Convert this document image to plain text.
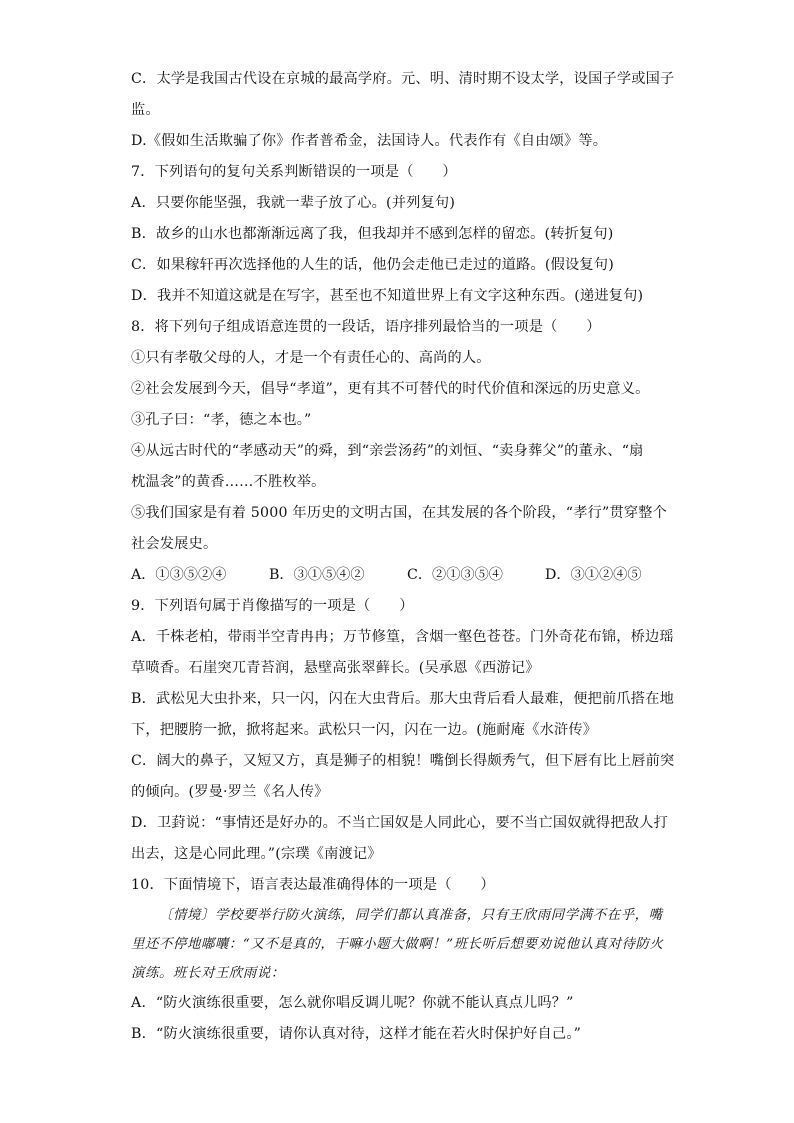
C．太学是我国古代设在京城的最高学府。元、明、清时期不设太学，设国子学或国子
监。
D.《假如生活欺骗了你》作者普希金，法国诗人。代表作有《自由颂》等。
7．下列语句的复句关系判断错误的一项是（　　）
A．只要你能坚强，我就一辈子放了心。(并列复句)
B．故乡的山水也都渐渐远离了我，但我却并不感到怎样的留恋。(转折复句)
C．如果稼轩再次选择他的人生的话，他仍会走他已走过的道路。(假设复句)
D．我并不知道这就是在写字，甚至也不知道世界上有文字这种东西。(递进复句)
8．将下列句子组成语意连贯的一段话，语序排列最恰当的一项是（　　）
①只有孝敬父母的人，才是一个有责任心的、高尚的人。
②社会发展到今天，倡导“孝道”，更有其不可替代的时代价值和深远的历史意义。
③孔子曰：“孝，德之本也。”
④从远古时代的“孝感动天”的舜，到“亲尝汤药”的刘恒、“卖身葬父”的董永、“扇
枕温衾”的黄香……不胜枚举。
⑤我们国家是有着 5000 年历史的文明古国，在其发展的各个阶段，“孝行”贯穿整个
社会发展史。
A．①③⑤②④	B．③①⑤④②	C．②①③⑤④	D．③①②④⑤
9．下列语句属于肖像描写的一项是（　　）
A．千株老柏，带雨半空青冉冉；万节修篁，含烟一壑色苍苍。门外奇花布锦，桥边瑶
草喷香。石崖突兀青苔润，悬壁高张翠藓长。(吴承恩《西游记》
B．武松见大虫扑来，只一闪，闪在大虫背后。那大虫背后看人最难，便把前爪搭在地
下，把腰胯一掀，掀将起来。武松只一闪，闪在一边。(施耐庵《水浒传》
C．阔大的鼻子，又短又方，真是狮子的相貌！嘴倒长得颇秀气，但下唇有比上唇前突
的倾向。(罗曼·罗兰《名人传》
D．卫葑说：“事情还是好办的。不当亡国奴是人同此心，要不当亡国奴就得把敌人打
出去，这是心同此理。”(宗璞《南渡记》
10．下面情境下，语言表达最准确得体的一项是（　　）
〔情境〕学校要举行防火演练，同学们都认真准备，只有王欣雨同学满不在乎，嘴里还不停地嘟囔：“又不是真的，干嘛小题大做啊！”班长听后想要劝说他认真对待防火演练。班长对王欣雨说：
A．“防火演练很重要，怎么就你唱反调儿呢？你就不能认真点儿吗？”
B．“防火演练很重要，请你认真对待，这样才能在若火时保护好自己。”
